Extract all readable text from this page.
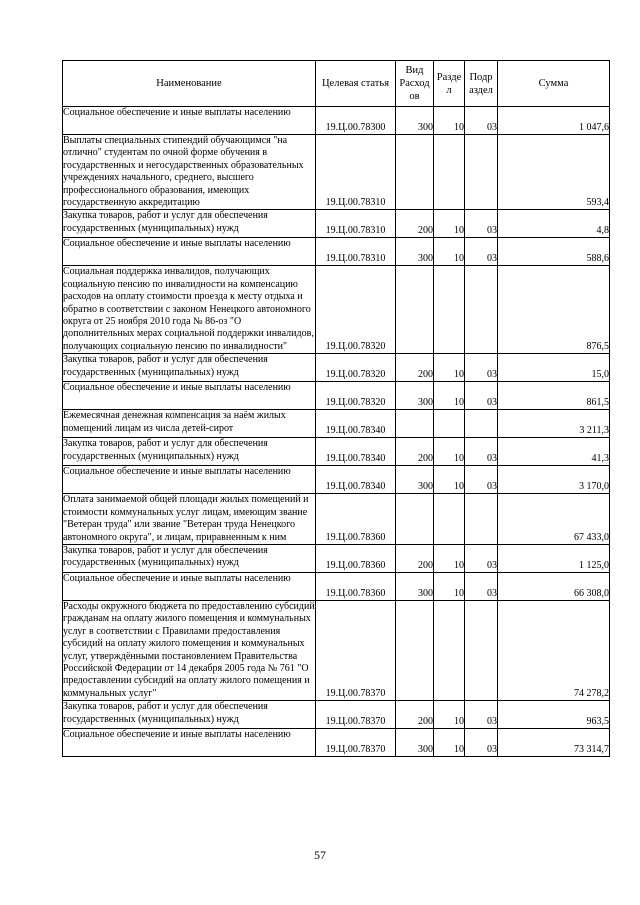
Наименование	Целевая статья	Вид Расход ов	Разде л	Подр аздел	Сумма
Социальное обеспечение и иные выплаты населению	19.Ц.00.78300	300	10	03	1 047,6
Выплаты специальных стипендий обучающимся "на отлично" студентам по очной форме обучения в государственных и негосударственных образовательных учреждениях начального, среднего, высшего профессионального образования, имеющих государственную аккредитацию	19.Ц.00.78310				593,4
Закупка товаров, работ и услуг для обеспечения государственных (муниципальных) нужд	19.Ц.00.78310	200	10	03	4,8
Социальное обеспечение и иные выплаты населению	19.Ц.00.78310	300	10	03	588,6
Социальная поддержка инвалидов, получающих социальную пенсию по инвалидности на компенсацию расходов на оплату стоимости проезда к месту отдыха и обратно в соответствии с законом Ненецкого автономного округа от 25 ноября 2010 года № 86-оз "О дополнительных мерах социальной поддержки инвалидов, получающих социальную пенсию по инвалидности"	19.Ц.00.78320				876,5
Закупка товаров, работ и услуг для обеспечения государственных (муниципальных) нужд	19.Ц.00.78320	200	10	03	15,0
Социальное обеспечение и иные выплаты населению	19.Ц.00.78320	300	10	03	861,5
Ежемесячная денежная компенсация за наём жилых помещений лицам из числа детей-сирот	19.Ц.00.78340				3 211,3
Закупка товаров, работ и услуг для обеспечения государственных (муниципальных) нужд	19.Ц.00.78340	200	10	03	41,3
Социальное обеспечение и иные выплаты населению	19.Ц.00.78340	300	10	03	3 170,0
Оплата занимаемой общей площади жилых помещений и стоимости коммунальных услуг лицам, имеющим звание "Ветеран труда" или звание "Ветеран труда Ненецкого автономного округа", и лицам, приравненным к ним	19.Ц.00.78360				67 433,0
Закупка товаров, работ и услуг для обеспечения государственных (муниципальных) нужд	19.Ц.00.78360	200	10	03	1 125,0
Социальное обеспечение и иные выплаты населению	19.Ц.00.78360	300	10	03	66 308,0
Расходы окружного бюджета по предоставлению субсидий гражданам на оплату жилого помещения и коммунальных услуг в соответствии с Правилами предоставления субсидий на оплату жилого помещения и коммунальных услуг, утверждёнными постановлением Правительства Российской Федерации от 14 декабря 2005 года № 761 "О предоставлении субсидий на оплату жилого помещения и коммунальных услуг"	19.Ц.00.78370				74 278,2
Закупка товаров, работ и услуг для обеспечения государственных (муниципальных) нужд	19.Ц.00.78370	200	10	03	963,5
Социальное обеспечение и иные выплаты населению	19.Ц.00.78370	300	10	03	73 314,7
57
